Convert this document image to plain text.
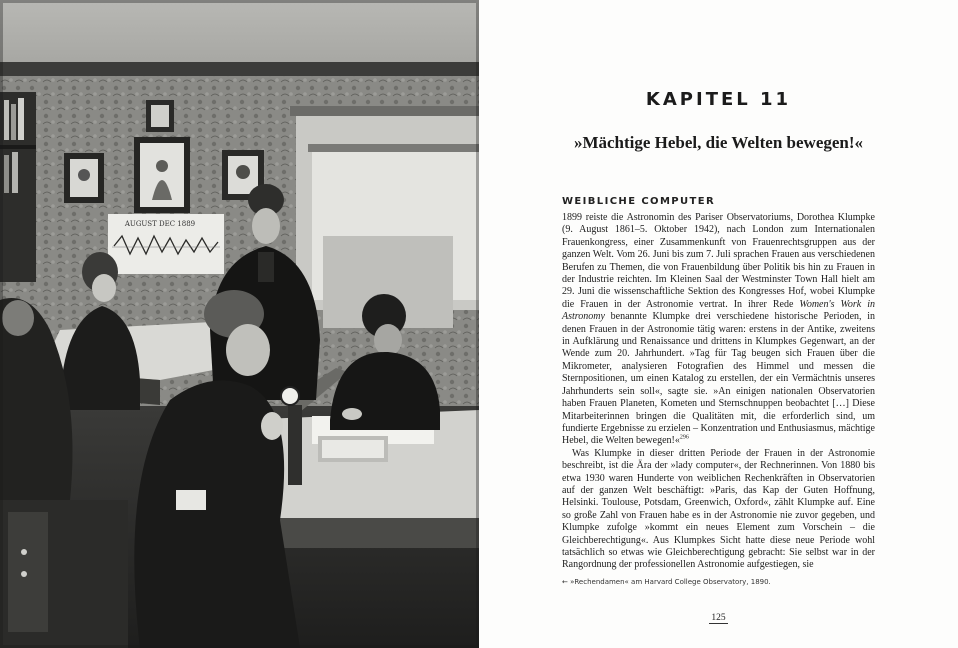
AUGUST DEC 1889
KAPITEL 11
»Mächtige Hebel, die Welten bewegen!«
WEIBLICHE COMPUTER

1899 reiste die Astronomin des Pariser Observatoriums, Dorothea Klumpke (9. August 1861–5. Oktober 1942), nach London zum Internationalen Frauenkongress, einer Zusammenkunft von Frauenrechtsgruppen aus der ganzen Welt. Vom 26. Juni bis zum 7. Juli sprachen Frauen aus verschiedenen Berufen zu Themen, die von Frauenbildung über Politik bis hin zu Frauen in der Industrie reichten. Im Kleinen Saal der Westminster Town Hall hielt am 29. Juni die wissenschaftliche Sektion des Kongresses Hof, wobei Klumpke die Frauen in der Astronomie vertrat. In ihrer Rede Women's Work in Astronomy benannte Klumpke drei verschiedene historische Perioden, in denen Frauen in der Astronomie tätig waren: erstens in der Antike, zweitens in Aufklärung und Renaissance und drittens in Klumpkes Gegenwart, an der Wende zum 20. Jahrhundert. »Tag für Tag beugen sich Frauen über die Mikrometer, analysieren Fotografien des Himmel und messen die Sternpositionen, um einen Katalog zu erstellen, der ein Vermächtnis unseres Jahrhunderts sein soll«, sagte sie. »An einigen nationalen Observatorien haben Frauen Planeten, Kometen und Sternschnuppen beobachtet […] Diese Mitarbeiterinnen bringen die Qualitäten mit, die erforderlich sind, um fundierte Ergebnisse zu erzielen – Konzentration und Enthusiasmus, mächtige Hebel, die Welten bewegen!«$^{296}$

Was Klumpke in dieser dritten Periode der Frauen in der Astronomie beschreibt, ist die Ära der »lady computer«, der Rechnerinnen. Von 1880 bis etwa 1930 waren Hunderte von weiblichen Rechenkräften in Observatorien auf der ganzen Welt beschäftigt: »Paris, das Kap der Guten Hoffnung, Helsinki. Toulouse, Potsdam, Greenwich, Oxford«, zählt Klumpke auf. Eine so große Zahl von Frauen habe es in der Astronomie nie zuvor gegeben, und Klumpke zufolge »kommt ein neues Element zum Vorschein – die Gleichberechtigung«. Aus Klumpkes Sicht hatte diese neue Periode wohl tatsächlich so etwas wie Gleichberechtigung gebracht: Sie selbst war in der Rangordnung der professionellen Astronomie aufgestiegen, sie

← »Rechendamen« am Harvard College Observatory, 1890.

125
